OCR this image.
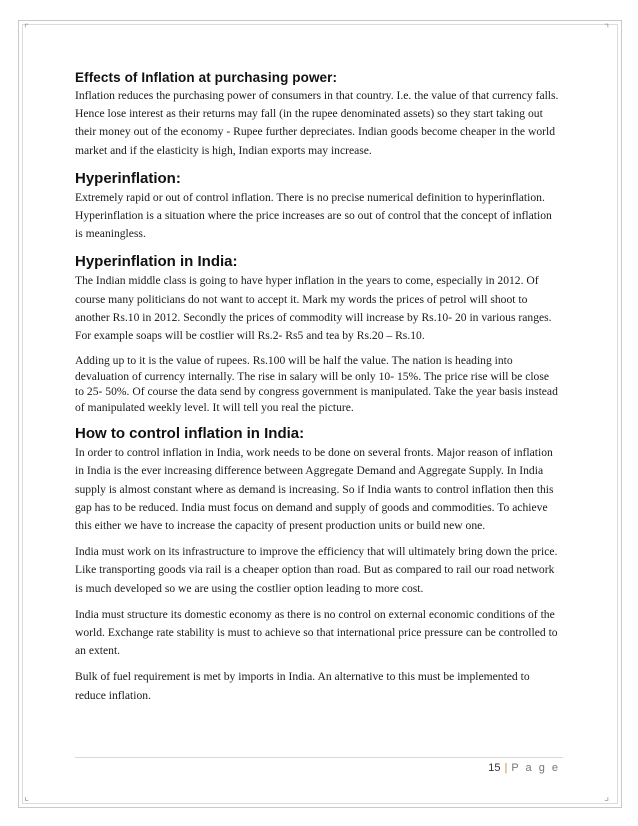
⌜	⌝
⌞	⌟
Effects of Inflation at purchasing power:

Inflation reduces the purchasing power of consumers in that country. I.e. the value of that currency falls. Hence lose interest as their returns may fall (in the rupee denominated assets) so they start taking out their money out of the economy - Rupee further depreciates. Indian goods become cheaper in the world market and if the elasticity is high, Indian exports may increase.

Hyperinflation:

Extremely rapid or out of control inflation. There is no precise numerical definition to hyperinflation. Hyperinflation is a situation where the price increases are so out of control that the concept of inflation is meaningless.

Hyperinflation in India:

The Indian middle class is going to have hyper inflation in the years to come, especially in 2012. Of course many politicians do not want to accept it. Mark my words the prices of petrol will shoot to another Rs.10 in 2012. Secondly the prices of commodity will increase by Rs.10- 20 in various ranges. For example soaps will be costlier will Rs.2- Rs5 and tea by Rs.20 – Rs.10.

Adding up to it is the value of rupees. Rs.100 will be half the value. The nation is heading into devaluation of currency internally. The rise in salary will be only 10- 15%. The price rise will be close to 25- 50%. Of course the data send by congress government is manipulated. Take the year basis instead of manipulated weekly level. It will tell you real the picture.

How to control inflation in India:

In order to control inflation in India, work needs to be done on several fronts. Major reason of inflation in India is the ever increasing difference between Aggregate Demand and Aggregate Supply. In India supply is almost constant where as demand is increasing. So if India wants to control inflation then this gap has to be reduced. India must focus on demand and supply of goods and commodities. To achieve this either we have to increase the capacity of present production units or build new one.

India must work on its infrastructure to improve the efficiency that will ultimately bring down the price. Like transporting goods via rail is a cheaper option than road. But as compared to rail our road network is much developed so we are using the costlier option leading to more cost.

India must structure its domestic economy as there is no control on external economic conditions of the world. Exchange rate stability is must to achieve so that international price pressure can be controlled to an extent.

Bulk of fuel requirement is met by imports in India. An alternative to this must be implemented to reduce inflation.

15 | P a g e
